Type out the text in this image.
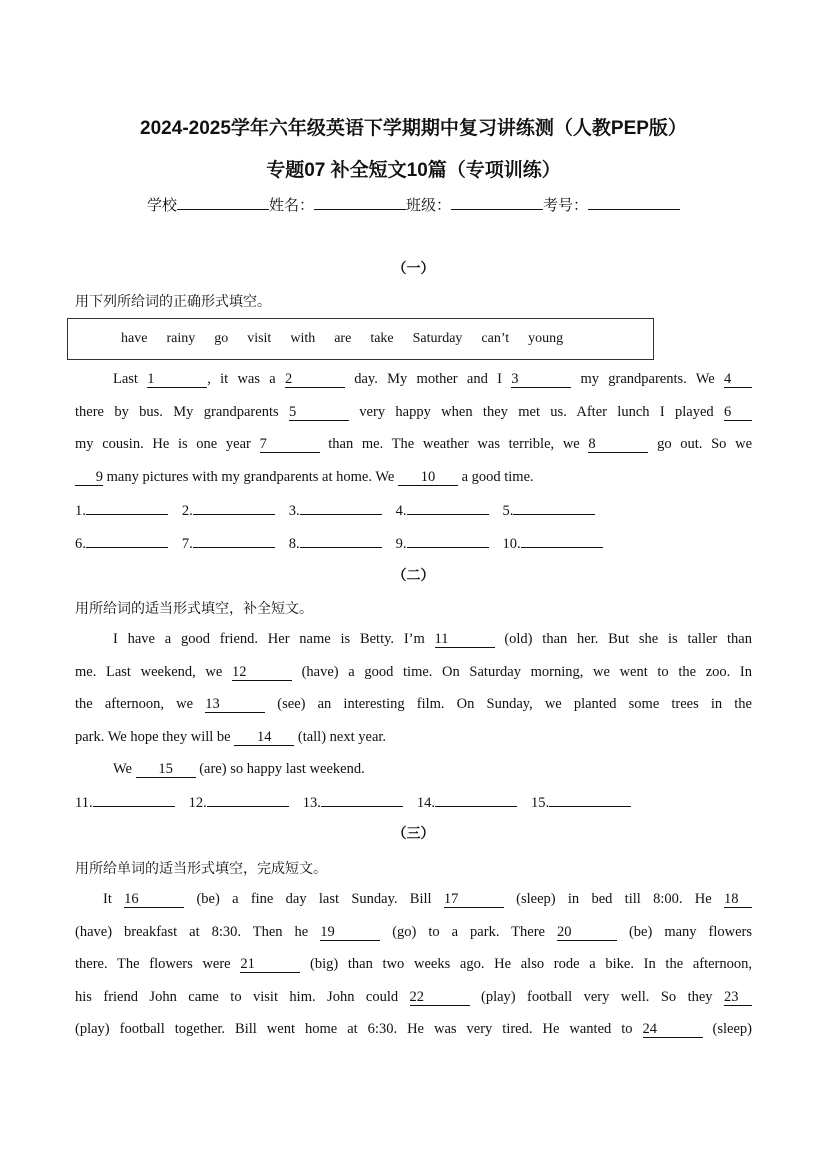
2024-2025学年六年级英语下学期期中复习讲练测（人教PEP版）
专题07 补全短文10篇（专项训练）
学校	姓名：	班级：	考号：
（一）
用下列所给词的正确形式填空。
have rainy go visit with are take Saturday can’t young
Last 1	, it was a 2	day. My mother and I 3	my grandparents. We 4
there by bus. My grandparents 5	very happy when they met us. After lunch I played 6
my cousin. He is one year 7	than me. The weather was terrible, we 8	go out. So we
9 many pictures with my grandparents at home. We 10 a good time.
1.	2.	3.	4.	5.
6.	7.	8.	9.	10.
（二）
用所给词的适当形式填空，补全短文。
I have a good friend. Her name is Betty. I’m 11	(old) than her. But she is taller than
me. Last weekend, we 12	(have) a good time. On Saturday morning, we went to the zoo. In
the afternoon, we 13	(see) an interesting film. On Sunday, we planted some trees in the
park. We hope they will be 14 (tall) next year.
We 15 (are) so happy last weekend.
11.	12.	13.	14.	15.
（三）
用所给单词的适当形式填空，完成短文。
It 16	(be) a fine day last Sunday. Bill 17	(sleep) in bed till 8:00. He 18
(have) breakfast at 8:30. Then he 19	(go) to a park. There 20	(be) many flowers
there. The flowers were 21	(big) than two weeks ago. He also rode a bike. In the afternoon,
his friend John came to visit him. John could 22	(play) football very well. So they 23
(play) football together. Bill went home at 6:30. He was very tired. He wanted to 24	(sleep)
